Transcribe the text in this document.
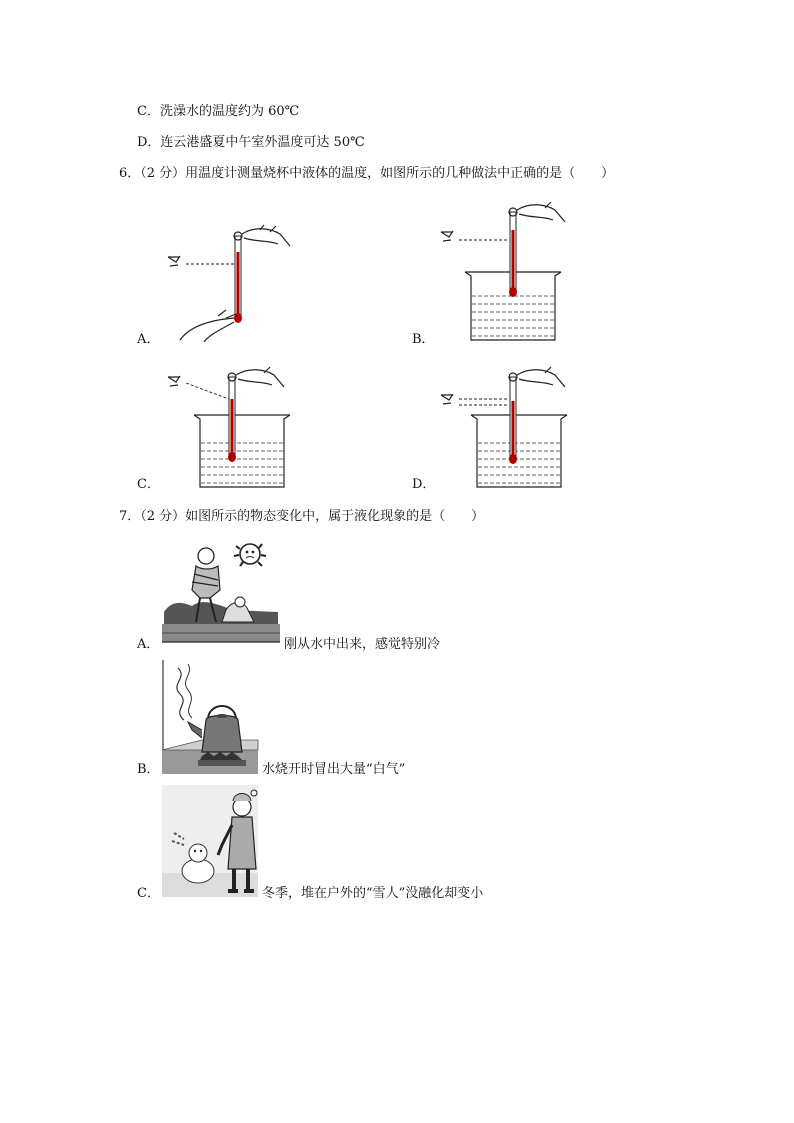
C．洗澡水的温度约为 60℃
D．连云港盛夏中午室外温度可达 50℃
6．（2 分）用温度计测量烧杯中液体的温度，如图所示的几种做法中正确的是（　　）
A．	B．
C．	D．
7．（2 分）如图所示的物态变化中，属于液化现象的是（　　）
A．	刚从水中出来，感觉特别冷
B．	水烧开时冒出大量“白气”
C．	冬季，堆在户外的“雪人”没融化却变小
